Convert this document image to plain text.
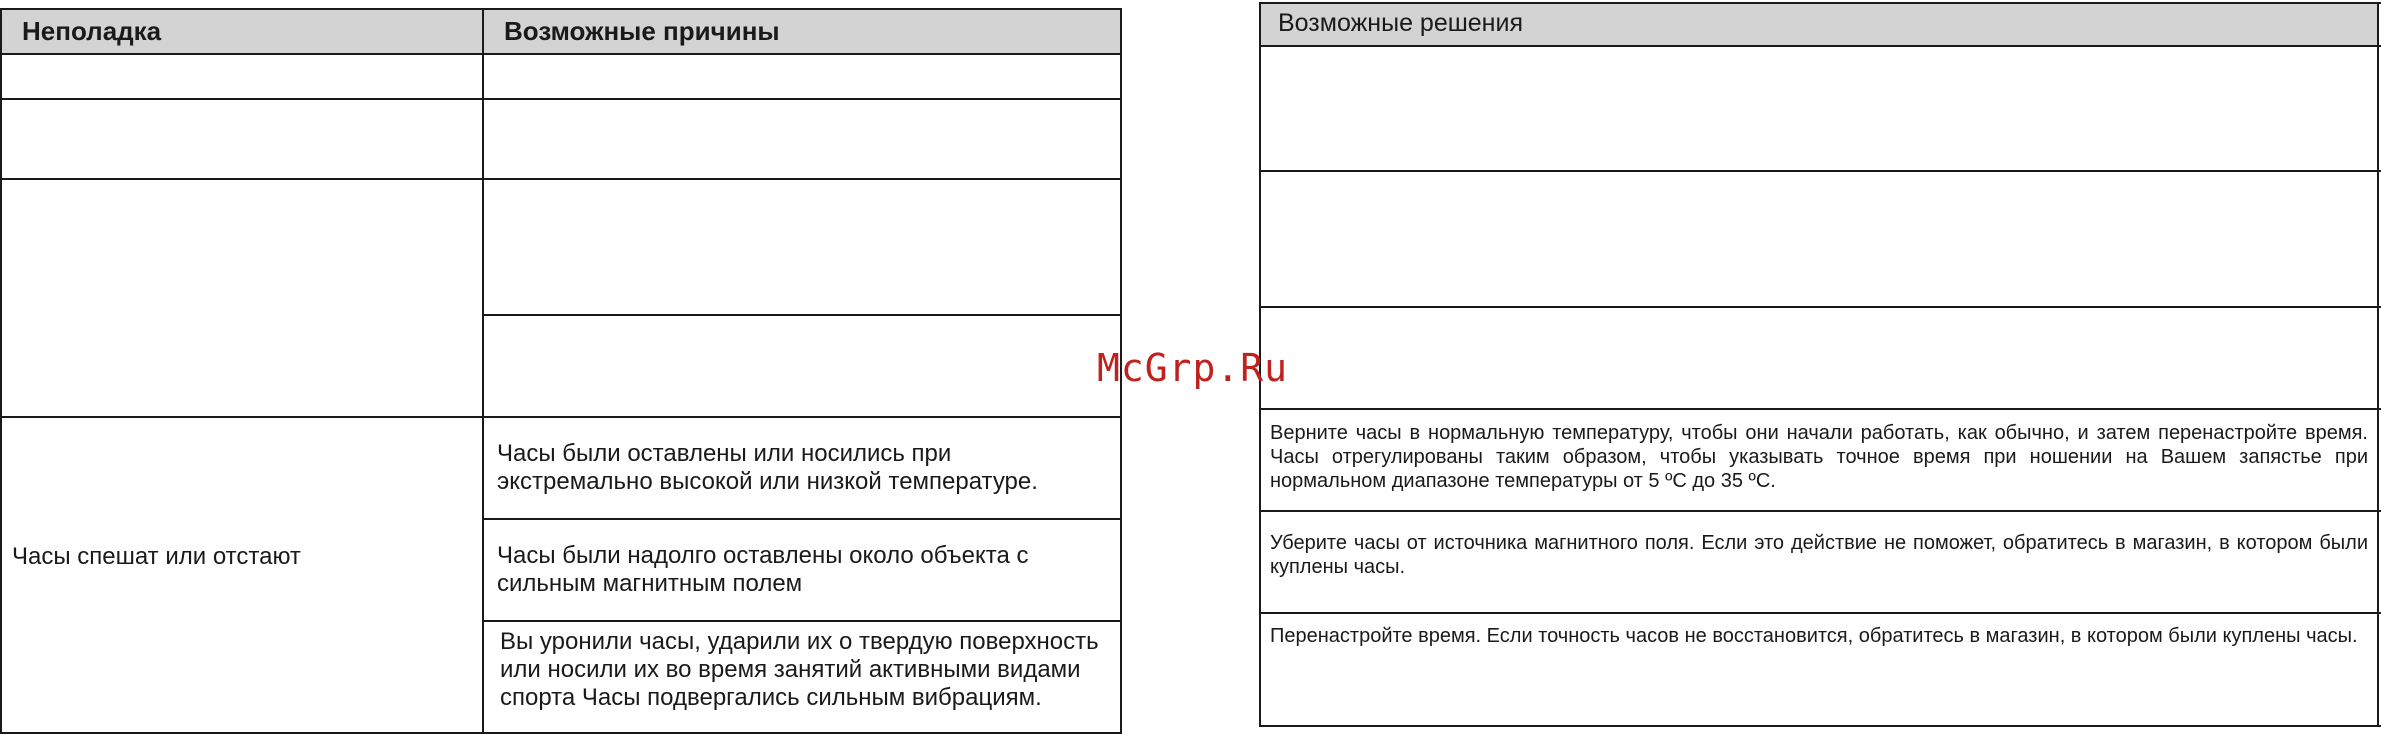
Неполадка	Возможные причины
Часы спешат или отстают
Часы были оставлены или носились при экстремально высокой или низкой температуре.
Часы были надолго оставлены около объекта с сильным магнитным полем
Вы уронили часы, ударили их о твердую поверхность или носили их во время занятий активными видами спорта Часы подвергались сильным вибрациям.
Возможные решения
Верните часы в нормальную температуру, чтобы они начали работать, как обычно, и затем перенастройте время. Часы отрегулированы таким образом, чтобы указывать точное время при ношении на Вашем запястье при нормальном диапазоне температуры от 5 ºC до 35 ºC.
Уберите часы от источника магнитного поля. Если это действие не поможет, обратитесь в магазин, в котором были куплены часы.
Перенастройте время. Если точность часов не восстановится, обратитесь в магазин, в котором были куплены часы.
McGrp.Ru
